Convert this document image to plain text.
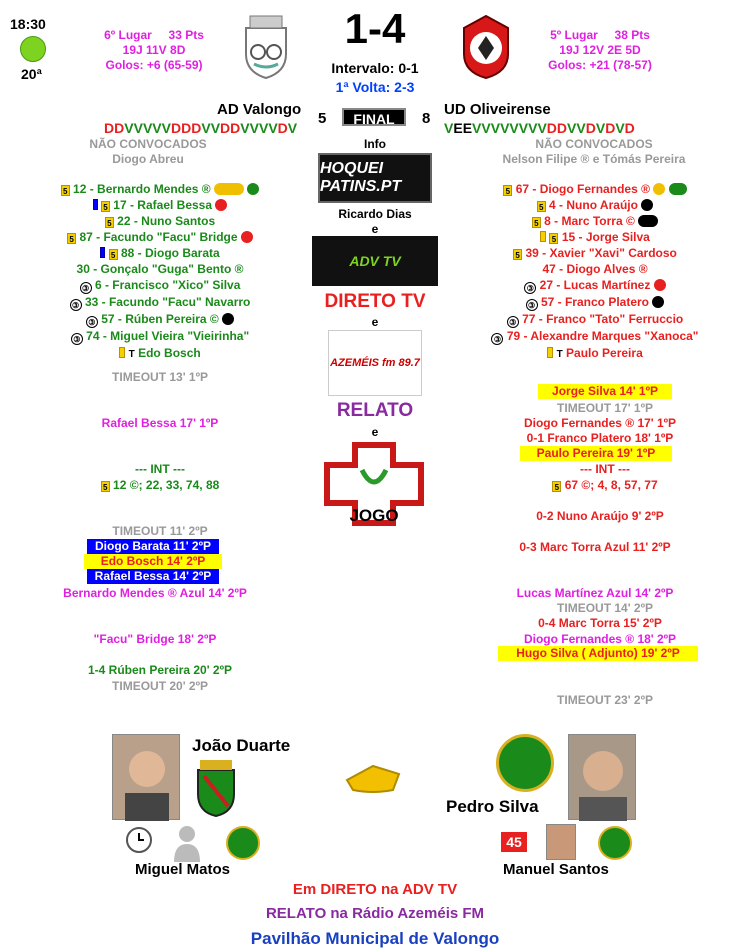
18:30
20ª
6º Lugar 33 Pts
19J 11V 8D
Golos: +6 (65-59)
1-4
Intervalo: 0-1
1ª Volta: 2-3
5º Lugar 38 Pts
19J 12V 2E 5D
Golos: +21 (78-57)
AD Valongo
5	FINAL	8
UD Oliveirense
DDVVVVVDDDVVDDVVVVDV	VEEVVVVVVVVDDVVDVDVD
NÃO CONVOCADOS
Diogo Abreu
NÃO CONVOCADOS
Nelson Filipe ® e Tómás Pereira
5 12 - Bernardo Mendes ®
5 17 - Rafael Bessa
5 22 - Nuno Santos
5 87 - Facundo "Facu" Bridge
5 88 - Diogo Barata
30 - Gonçalo "Guga" Bento ®
③ 6 - Francisco "Xico" Silva
③ 33 - Facundo "Facu" Navarro
③ 57 - Rúben Pereira ©
③ 74 - Miguel Vieira "Vieirinha"
T Edo Bosch
5 67 - Diogo Fernandes ®
5 4 - Nuno Araújo
5 8 - Marc Torra ©
5 15 - Jorge Silva
5 39 - Xavier "Xavi" Cardoso
47 - Diogo Alves ®
③ 27 - Lucas Martínez
③ 57 - Franco Platero
③ 77 - Franco "Tato" Ferruccio
③ 79 - Alexandre Marques "Xanoca"
T Paulo Pereira
Info
HOQUEI PATINS.PT
Ricardo Dias
e
ADV TV
DIRETO TV
e
AZEMÉIS fm 89.7
RELATO
e
JOGO
TIMEOUT 13' 1ºP
Rafael Bessa 17' 1ºP
--- INT ---
5 12 ©; 22, 33, 74, 88
TIMEOUT 11' 2ºP
Diogo Barata 11' 2ºP
Edo Bosch 14' 2ºP
Rafael Bessa 14' 2ºP
Bernardo Mendes ® Azul 14' 2ºP
"Facu" Bridge 18' 2ºP
1-4 Rúben Pereira 20' 2ºP
TIMEOUT 20' 2ºP
Jorge Silva 14' 1ºP
TIMEOUT 17' 1ºP
Diogo Fernandes ® 17' 1ºP
0-1 Franco Platero 18' 1ºP
Paulo Pereira 19' 1ºP
--- INT ---
5 67 ©; 4, 8, 57, 77
0-2 Nuno Araújo 9' 2ºP
0-3 Marc Torra Azul 11' 2ºP
Lucas Martínez Azul 14' 2ºP
TIMEOUT 14' 2ºP
0-4 Marc Torra 15' 2ºP
Diogo Fernandes ® 18' 2ºP
Hugo Silva ( Adjunto) 19' 2ºP
TIMEOUT 23' 2ºP
João Duarte
Pedro Silva
Miguel Matos
45
Manuel Santos
Em DIRETO na ADV TV
RELATO na Rádio Azeméis FM
Pavilhão Municipal de Valongo
